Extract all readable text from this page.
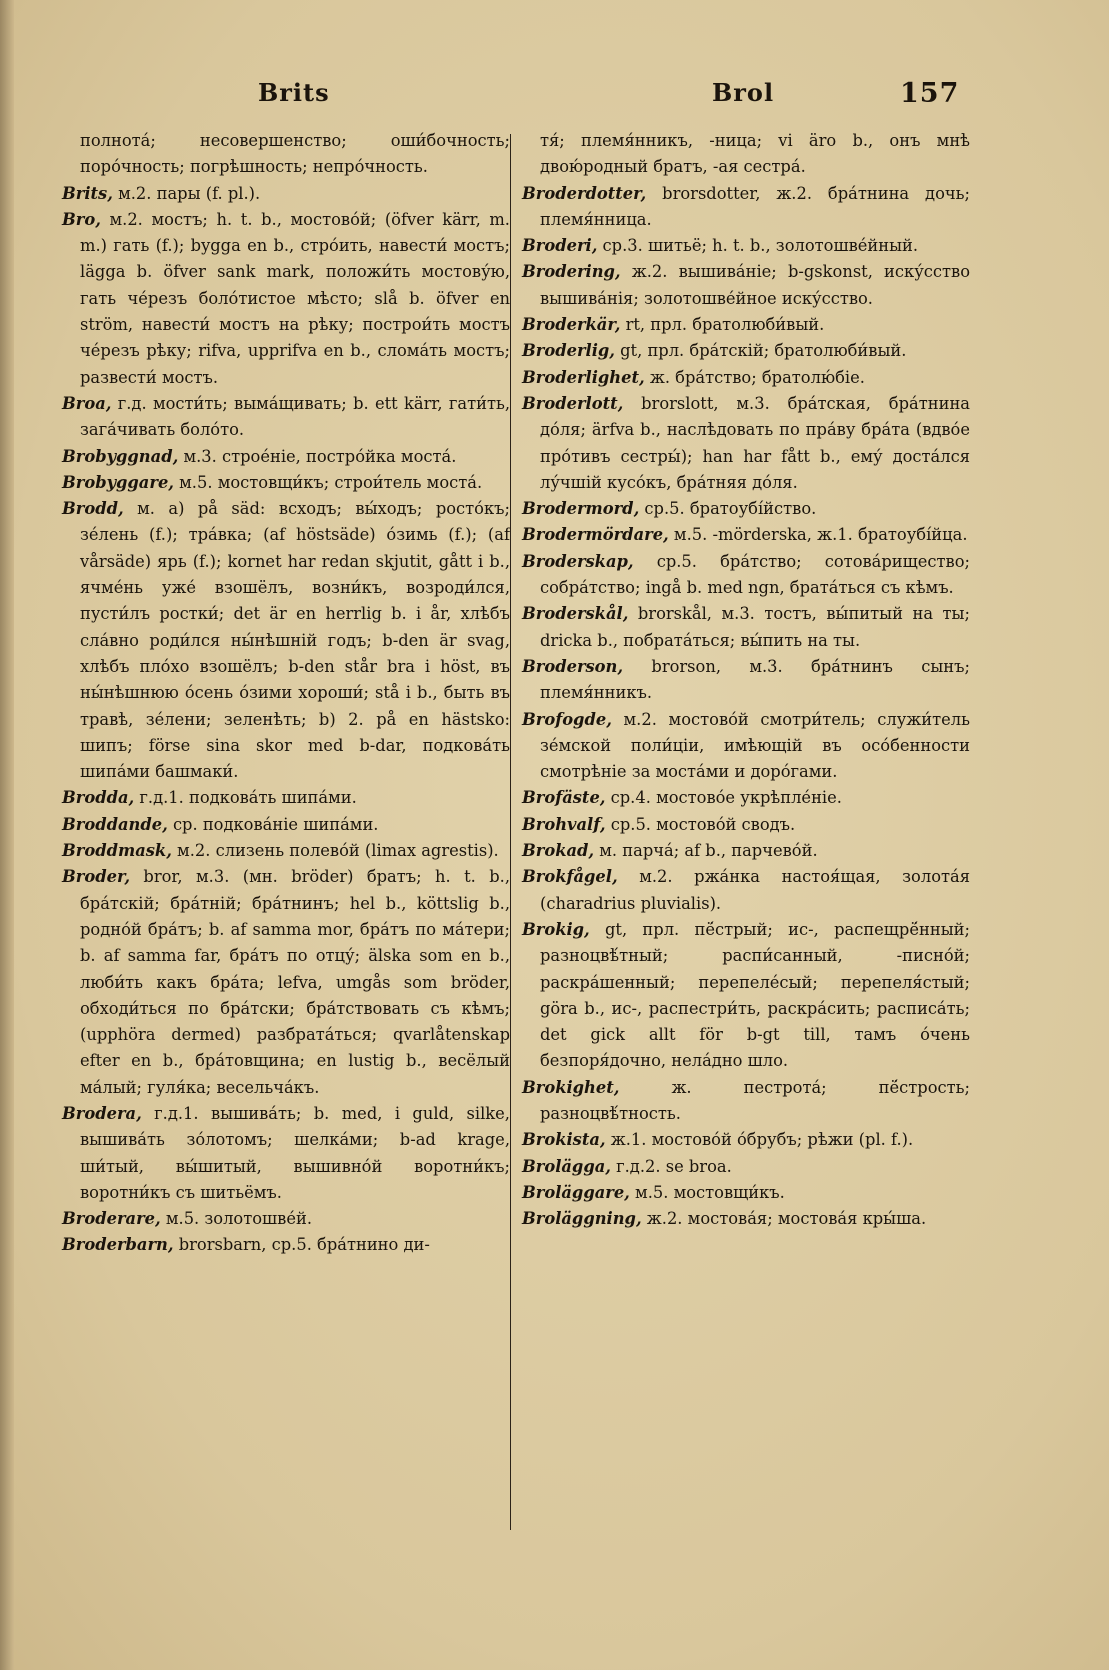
Brits	Brol	157

полнота́; несовершенство; оши́бочность; поро́чность; погрѣшность; непро́чность.

Brits, м.2. пары (f. pl.).

Bro, м.2. мостъ; h. t. b., мостово́й; (öfver kärr, m. m.) гать (f.); bygga en b., стро́ить, навести́ мостъ; lägga b. öfver sank mark, положи́ть мостову́ю, гать че́резъ боло́тистое мѣсто; slå b. öfver en ström, навести́ мостъ на рѣку; построи́ть мостъ че́резъ рѣку; rifva, upprifva en b., слома́ть мостъ; развести́ мостъ.

Broa, г.д. мости́ть; выма́щивать; b. ett kärr, гати́ть, зага́чивать боло́то.

Brobyggnad, м.3. строе́ніе, постро́йка моста́.

Brobyggare, м.5. мостовщи́къ; строи́тель моста́.

Brodd, м. a) på säd: всходъ; вы́ходъ; росто́къ; зе́лень (f.); тра́вка; (af höstsäde) о́зимь (f.); (af vårsäde) ярь (f.); kornet har redan skjutit, gått i b., ячме́нь уже́ взошёлъ, возни́къ, возроди́лся, пусти́лъ ростки́; det är en herrlig b. i år, хлѣбъ сла́вно роди́лся ны́нѣшній годъ; b-den är svag, хлѣбъ пло́хо взошёлъ; b-den står bra i höst, въ ны́нѣшнюю о́сень о́зими хороши́; stå i b., быть въ травѣ, зе́лени; зеленѣть; b) 2. på en hästsko: шипъ; förse sina skor med b-dar, подкова́ть шипа́ми башмаки́.

Brodda, г.д.1. подкова́ть шипа́ми.

Broddande, ср. подкова́ніе шипа́ми.

Broddmask, м.2. слизень полево́й (limax agrestis).

Broder, bror, м.3. (мн. bröder) братъ; h. t. b., бра́тскій; бра́тній; бра́тнинъ; hel b., köttslig b., родно́й бра́тъ; b. af samma mor, бра́тъ по ма́тери; b. af samma far, бра́тъ по отцу́; älska som en b., люби́ть какъ бра́та; lefva, umgås som bröder, обходи́ться по бра́тски; бра́тствовать съ кѣмъ; (upphöra dermed) разбрата́ться; qvarlåtenskap efter en b., бра́товщина; en lustig b., весёлый ма́лый; гуля́ка; весельча́къ.

Brodera, г.д.1. вышива́ть; b. med, i guld, silke, вышива́ть зо́лотомъ; шелка́ми; b-ad krage, ши́тый, вы́шитый, вышивно́й воротни́къ; воротни́къ съ шитьёмъ.

Broderare, м.5. золотошве́й.

Broderbarn, brorsbarn, ср.5. бра́тнино ди-

тя́; племя́нникъ, -ница; vi äro b., онъ мнѣ двою́родный братъ, -ая сестра́.

Broderdotter, brorsdotter, ж.2. бра́тнина дочь; племя́нница.

Broderi, ср.3. шитьё; h. t. b., золотошве́йный.

Brodering, ж.2. вышива́ніе; b-gskonst, иску́сство вышива́нія; золотошве́йное иску́сство.

Broderkär, rt, прл. братолюби́вый.

Broderlig, gt, прл. бра́тскій; братолюби́вый.

Broderlighet, ж. бра́тство; братолю́біе.

Broderlott, brorslott, м.3. бра́тская, бра́тнина до́ля; ärfva b., наслѣдовать по пра́ву бра́та (вдво́е про́тивъ сестры́); han har fått b., ему́ доста́лся лу́чшій кусо́къ, бра́тняя до́ля.

Brodermord, ср.5. братоубі́йство.

Brodermördare, м.5. -mörderska, ж.1. братоубі́йца.

Broderskap, ср.5. бра́тство; сотова́рищество; собра́тство; ingå b. med ngn, брата́ться съ кѣмъ.

Broderskål, brorskål, м.3. тостъ, вы́питый на ты; dricka b., побрата́ться; вы́пить на ты.

Broderson, brorson, м.3. бра́тнинъ сынъ; племя́нникъ.

Brofogde, м.2. мостово́й смотри́тель; служи́тель зе́мской поли́ціи, имѣющій въ осо́бенности смотрѣніе за моста́ми и доро́гами.

Brofäste, ср.4. мостово́е укрѣпле́ніе.

Brohvalf, ср.5. мостово́й сводъ.

Brokad, м. парча́; af b., парчево́й.

Brokfågel, м.2. ржа́нка настоя́щая, золота́я (charadrius pluvialis).

Brokig, gt, прл. пё́стрый; ис-, распещрё́нный; разноцвѣ́тный; распи́санный, -писно́й; раскра́шенный; перепеле́сый; перепеля́стый; göra b., ис-, распестри́ть, раскра́сить; расписа́ть; det gick allt för b-gt till, тамъ о́чень безпоря́дочно, нела́дно шло.

Brokighet, ж. пестрота́; пё́стрость; разноцвѣ́тность.

Brokista, ж.1. мостово́й о́брубъ; рѣжи (pl. f.).

Brolägga, г.д.2. se broa.

Broläggare, м.5. мостовщи́къ.

Broläggning, ж.2. мостова́я; мостова́я кры́ша.
